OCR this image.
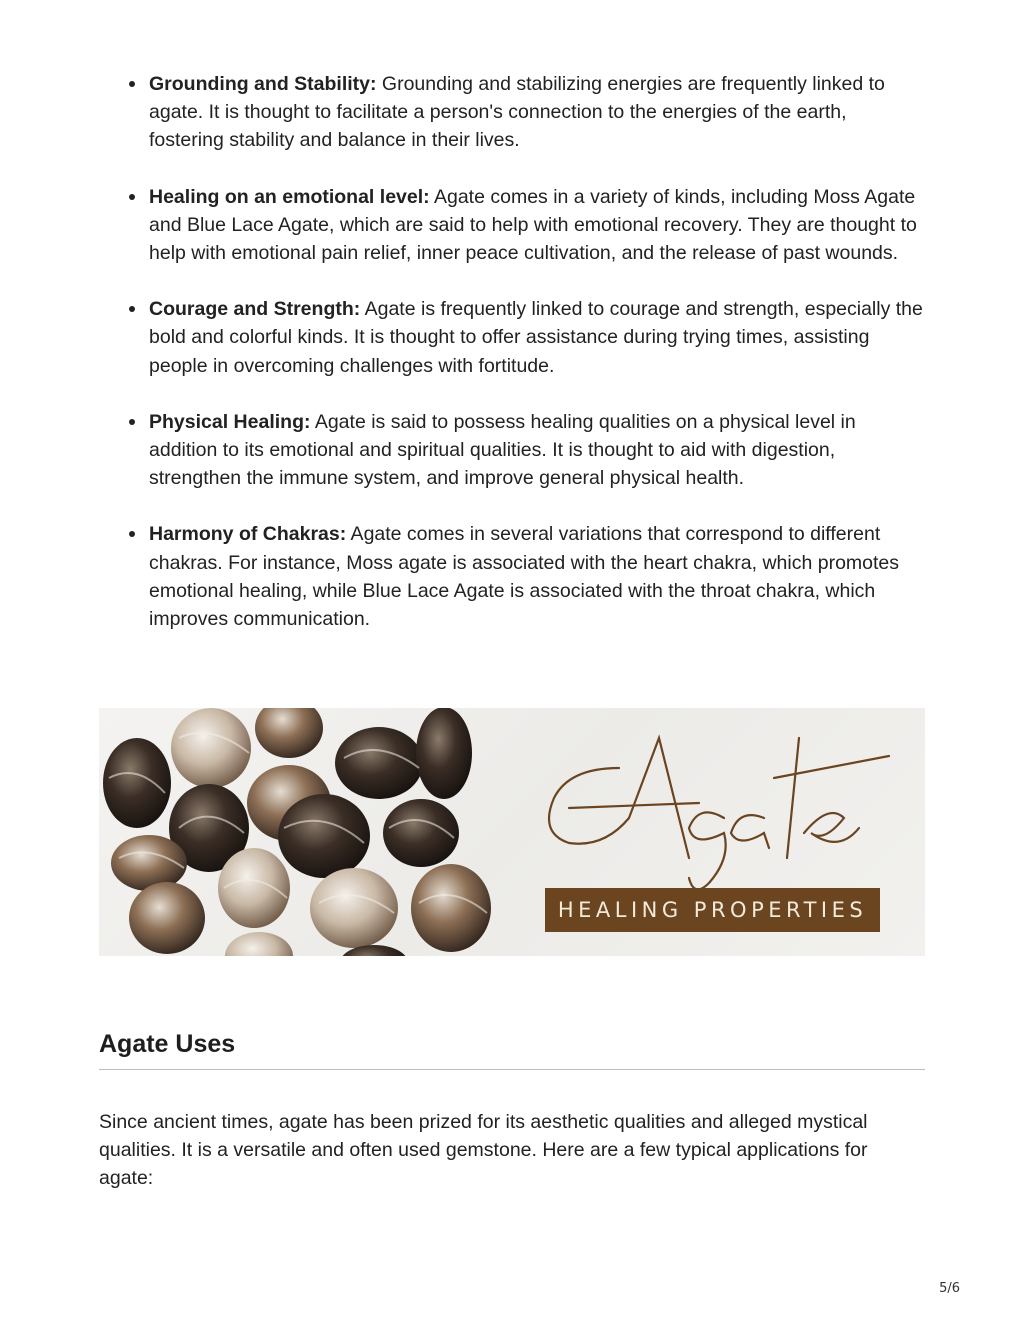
Grounding and Stability: Grounding and stabilizing energies are frequently linked to agate. It is thought to facilitate a person's connection to the energies of the earth, fostering stability and balance in their lives.
Healing on an emotional level: Agate comes in a variety of kinds, including Moss Agate and Blue Lace Agate, which are said to help with emotional recovery. They are thought to help with emotional pain relief, inner peace cultivation, and the release of past wounds.
Courage and Strength: Agate is frequently linked to courage and strength, especially the bold and colorful kinds. It is thought to offer assistance during trying times, assisting people in overcoming challenges with fortitude.
Physical Healing: Agate is said to possess healing qualities on a physical level in addition to its emotional and spiritual qualities. It is thought to aid with digestion, strengthen the immune system, and improve general physical health.
Harmony of Chakras: Agate comes in several variations that correspond to different chakras. For instance, Moss agate is associated with the heart chakra, which promotes emotional healing, while Blue Lace Agate is associated with the throat chakra, which improves communication.
HEALING PROPERTIES
Agate Uses

Since ancient times, agate has been prized for its aesthetic qualities and alleged mystical qualities. It is a versatile and often used gemstone. Here are a few typical applications for agate:

5/6
